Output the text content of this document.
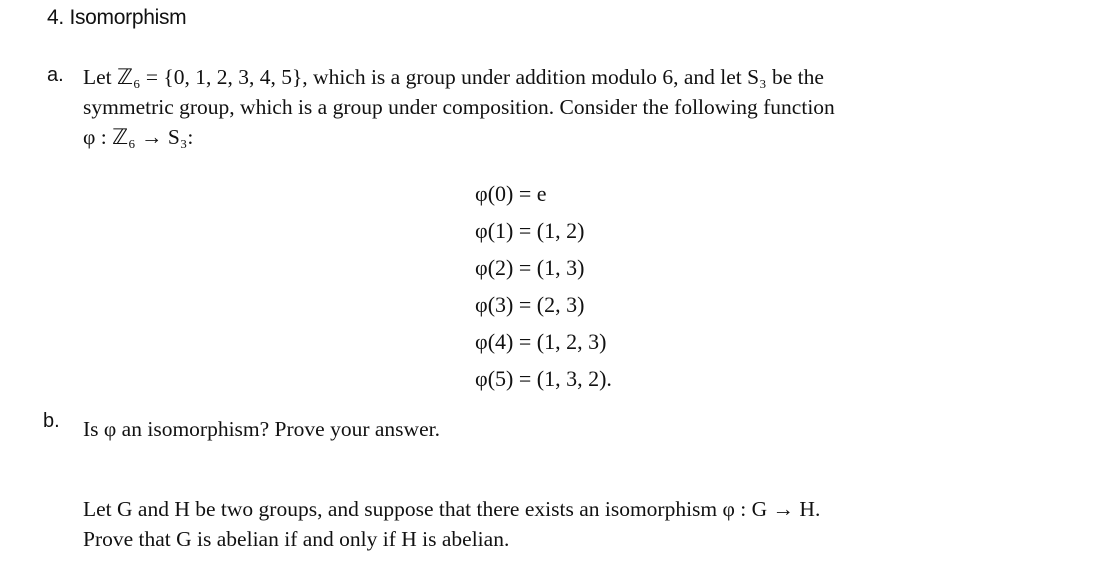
4. Isomorphism
a. Let ℤ₆ = {0, 1, 2, 3, 4, 5}, which is a group under addition modulo 6, and let S₃ be the
symmetric group, which is a group under composition. Consider the following function
φ : ℤ₆ → S₃:
φ(0) = e
φ(1) = (1, 2)
φ(2) = (1, 3)
φ(3) = (2, 3)
φ(4) = (1, 2, 3)
φ(5) = (1, 3, 2).
b. Is φ an isomorphism? Prove your answer.
Let G and H be two groups, and suppose that there exists an isomorphism φ : G → H.
Prove that G is abelian if and only if H is abelian.
